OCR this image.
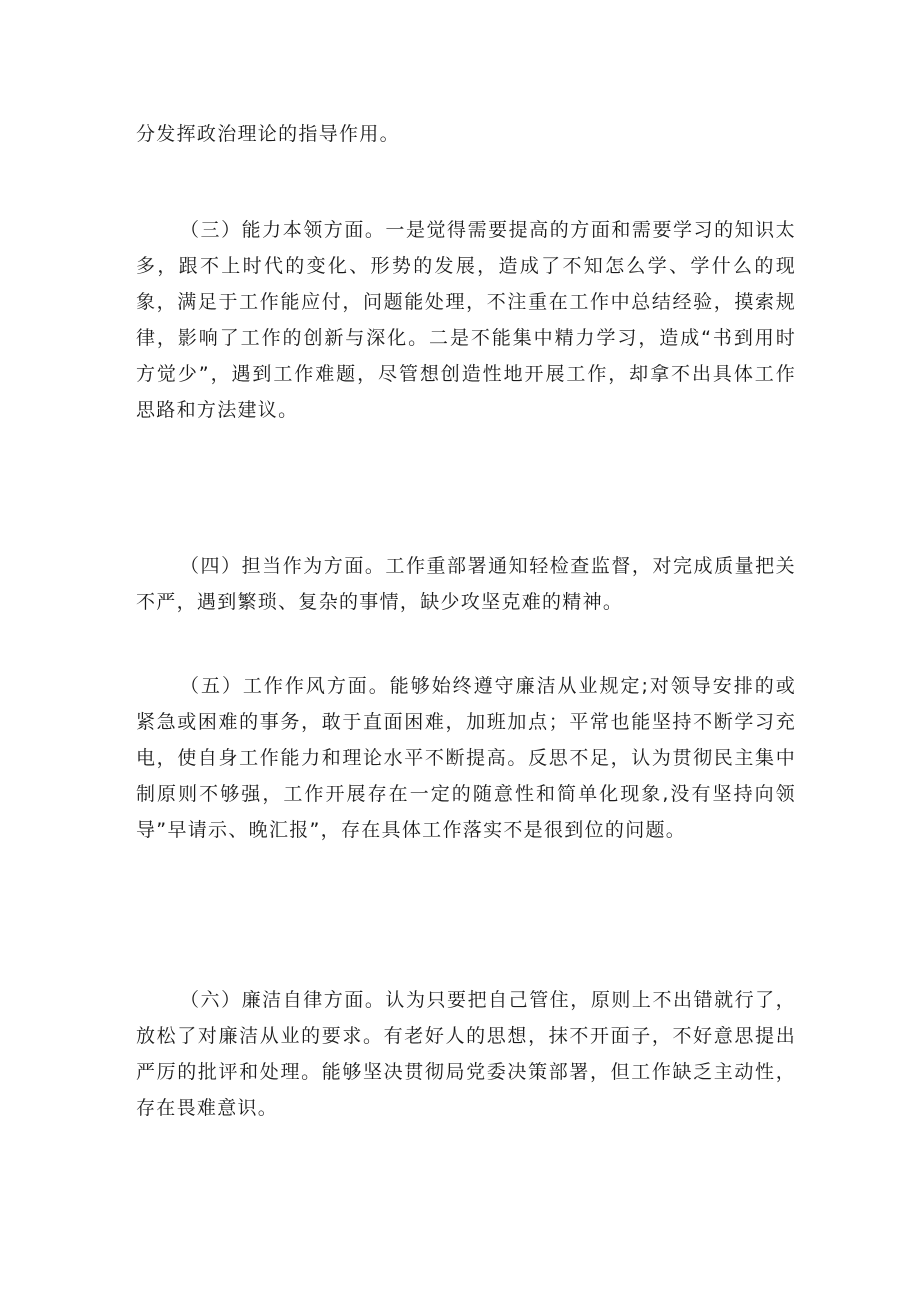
分发挥政治理论的指导作用。

（三）能力本领方面。一是觉得需要提高的方面和需要学习的知识太多，跟不上时代的变化、形势的发展，造成了不知怎么学、学什么的现象，满足于工作能应付，问题能处理，不注重在工作中总结经验，摸索规律，影响了工作的创新与深化。二是不能集中精力学习，造成“书到用时方觉少”，遇到工作难题，尽管想创造性地开展工作，却拿不出具体工作思路和方法建议。

（四）担当作为方面。工作重部署通知轻检查监督，对完成质量把关不严，遇到繁琐、复杂的事情，缺少攻坚克难的精神。

（五）工作作风方面。能够始终遵守廉洁从业规定;对领导安排的或紧急或困难的事务，敢于直面困难，加班加点；平常也能坚持不断学习充电，使自身工作能力和理论水平不断提高。反思不足，认为贯彻民主集中制原则不够强，工作开展存在一定的随意性和简单化现象,没有坚持向领导”早请示、晚汇报”，存在具体工作落实不是很到位的问题。

（六）廉洁自律方面。认为只要把自己管住，原则上不出错就行了，放松了对廉洁从业的要求。有老好人的思想，抹不开面子，不好意思提出严厉的批评和处理。能够坚决贯彻局党委决策部署，但工作缺乏主动性，存在畏难意识。
